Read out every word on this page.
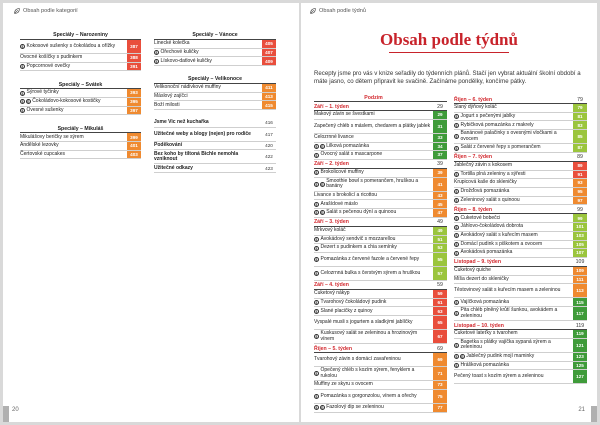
Obsah podle kategorií
Speciály – Narozeniny
$ Kokosové sušenky s čokoládou a ořížky	387
Ovocné košíčky s pudinkem	388
$ Popcornové ovečky	391
Speciály – Svátek
$ Sýrové tyčinky	393
$	G Čokoládovo-kokosové kostičky	395
$ Ovesné sušenky	397
Speciály – Mikuláš
Mikulášovy beričky se sýrem	399
Andělské lezovky	401
Čertovské cupcakes	403
Speciály – Vánoce
Linecké kolečka	405
$ Ořechové kuličky	407
$ Lískovo-datlové kuličky	409
Speciály – Velikonoce
Velikonoční nádivkové muffiny	411
Máslový zajíčci	413
Boží milosti	415
Jsme Vic než kuchařka	416
Užitečné weby a blogy (nejen) pro rodiče	417
Poděkování	420
Bez koho by tiltoná Bichle nemohla vzniknout	422
Užitečné odkazy	423
20
Obsah podle týdnů
Obsah podle týdnů
Recepty jsme pro vás v knize seřadily do týdenních plánů. Stačí jen vybrat aktuální školní období a máte jasno, co dětem připravit ke svačině. Začínáme pondělky, končíme pátky.
Podzim
Září – 1. týden	29
Makový závin se švestkami	29
Zapečený chléb s máslem, chedarem a plátky jablek	31
Celozrnné livance	33
$	G Lilková pomazánka	34
$ Ovocný salát s mascarpone	37
Září – 2. týden	39
$ Brokolicové muffiny	39
$	G
Smoothie bowl s pomerančem, hruškou a banány	41
Livance s brokolicí a ricottou	43
$ Arašídové máslo	45
$	G Salát s pečenou dýní a quinoou	47
Září – 3. týden	49
Mrkvový koláč	49
$ Avokádový sendvič s mozzarellou	51
$ Dezert s pudinkem a chia semínky	53
$ Pomazánka z červené fazole a červené řepy	55
$ Celozrnná bulka s čerstvým sýrem a hruškou	57
Září – 4. týden	59
Cuketový nákyp	59
$ Tvarohový čokoládový pudink	61
$ Slané placičky z quinoy	63
Vyspalé musli s jogurtem a sladkými jablíčky	65
$
Kuskusový salát se zeleninou a hrozinovým vínem	67
Říjen – 5. týden	69
Tvarohový závin s domácí zavařeninou	69
$
Opečený chléb s kozím sýrem, fenyklem a rukolou	71
Muffiny ze skyru s ovocem	73
$ Pomazánka s gorgonzolou, vínem a ořechy	75
$	G Fazolový dip se zeleninou	77
Říjen – 6. týden	79
Slaný dýňový koláč	79
$ Jogurt s pečenými jablky	81
$ Rybičková pomazánka z makrely	83
$
Banánové palačinky s ovesnými vločkami a ovocem	85
$ Salát z červené řepy s pomerančem	87
Říjen – 7. týden	89
Jablečný závin s kokosem	89
$ Tortilla plná zeleniny a sýřesti	91
Krupicová kaše do skleničky	93
$ Drožďová pomazánka	95
$ Zeleninový salát s quinoou	97
Říjen – 8. týden	99
$ Cuketové bobečci	99
$ Jáhlovo-čokoládová dobrota	101
$ Avokádový salát s kuřecím masem	103
$ Domácí pudink s piškotem a ovocem	105
$ Avokádová pomazánka	107
Listopad – 9. týden	109
Cuketový quiche	109
Míša dezert do skleničky	111
Těstovinový salát s kuřecím masem a zeleninou	113
$ Vajíčková pomazánka	115
$
Pita chléb plněný krůtí šunkou, avokádem a zeleninou	117
Listopad – 10. týden	119
Cuketové lateťky s tvarohem	119
$
Bagetka s plátky vajíčka sypaná sýrem a zeleninou	121
$	G Jablečný pudink mojí maminky	123
$ Hrášková pomazánka	125
Pečený toast s kozím sýrem a zeleninou	127
21
